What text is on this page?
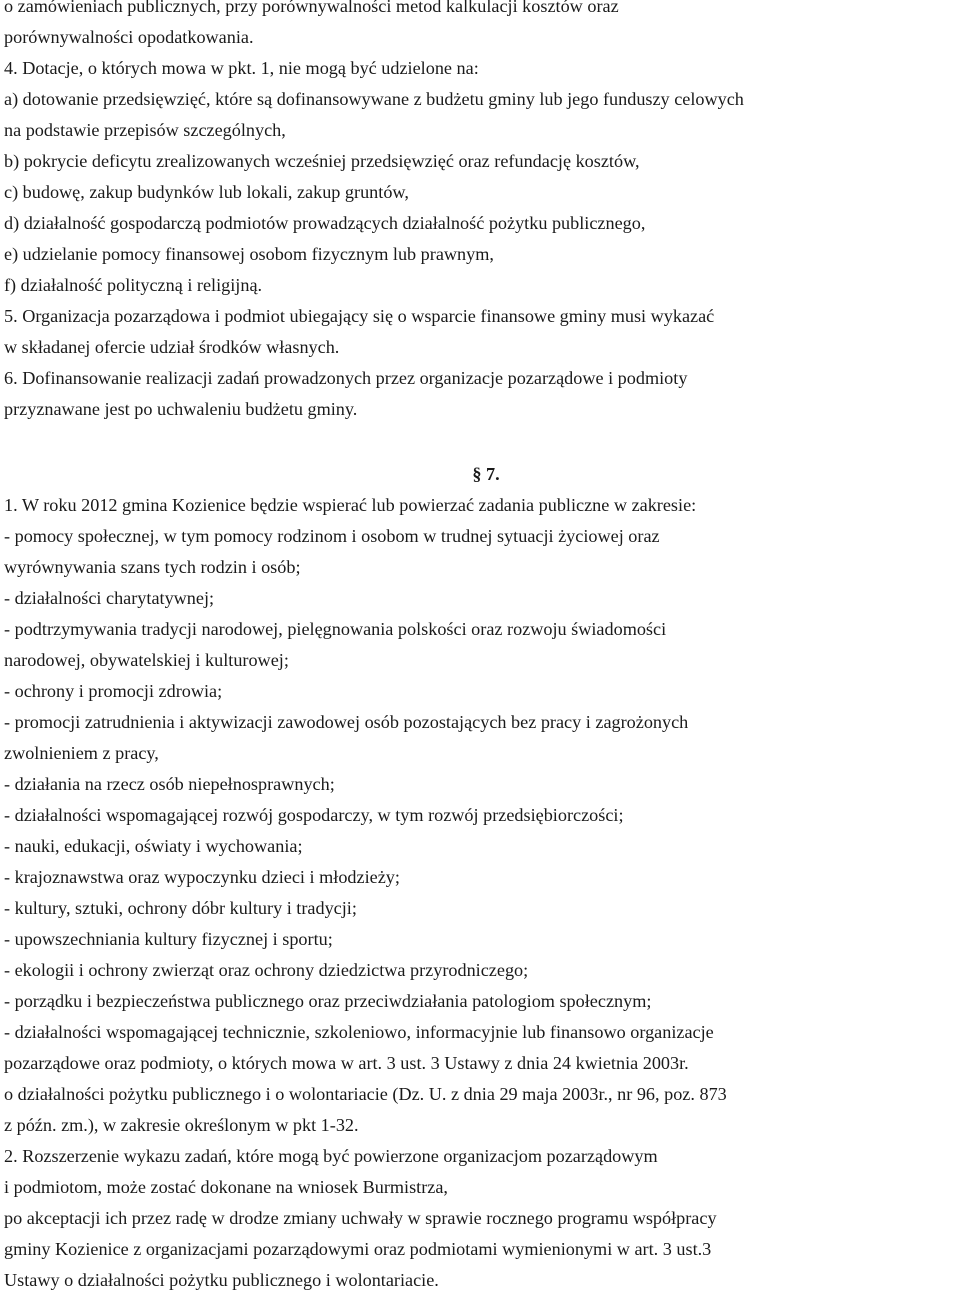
o zamówieniach publicznych, przy porównywalności metod kalkulacji kosztów oraz
porównywalności opodatkowania.
4. Dotacje, o których mowa w pkt. 1, nie mogą być udzielone na:
a) dotowanie przedsięwzięć, które są dofinansowywane z budżetu gminy lub jego funduszy celowych
na podstawie przepisów szczególnych,
b) pokrycie deficytu zrealizowanych wcześniej przedsięwzięć oraz refundację kosztów,
c) budowę, zakup budynków lub lokali, zakup gruntów,
d) działalność gospodarczą podmiotów prowadzących działalność pożytku publicznego,
e) udzielanie pomocy finansowej osobom fizycznym lub prawnym,
f) działalność polityczną i religijną.
5. Organizacja pozarządowa i podmiot ubiegający się o wsparcie finansowe gminy musi wykazać
w składanej ofercie udział środków własnych.
6. Dofinansowanie realizacji zadań prowadzonych przez organizacje pozarządowe i podmioty
przyznawane jest po uchwaleniu budżetu gminy.
§ 7.
1. W roku 2012 gmina Kozienice będzie wspierać lub powierzać zadania publiczne w zakresie:
- pomocy społecznej, w tym pomocy rodzinom i osobom w trudnej sytuacji życiowej oraz
wyrównywania szans tych rodzin i osób;
- działalności charytatywnej;
- podtrzymywania tradycji narodowej, pielęgnowania polskości oraz rozwoju świadomości
narodowej, obywatelskiej i kulturowej;
- ochrony i promocji zdrowia;
- promocji zatrudnienia i aktywizacji zawodowej osób pozostających bez pracy i zagrożonych
zwolnieniem z pracy,
- działania na rzecz osób niepełnosprawnych;
- działalności wspomagającej rozwój gospodarczy, w tym rozwój przedsiębiorczości;
- nauki, edukacji, oświaty i wychowania;
- krajoznawstwa oraz wypoczynku dzieci i młodzieży;
- kultury, sztuki, ochrony dóbr kultury i tradycji;
- upowszechniania kultury fizycznej i sportu;
- ekologii i ochrony zwierząt oraz ochrony dziedzictwa przyrodniczego;
- porządku i bezpieczeństwa publicznego oraz przeciwdziałania patologiom społecznym;
- działalności wspomagającej technicznie, szkoleniowo, informacyjnie lub finansowo organizacje
pozarządowe oraz podmioty, o których mowa w art. 3 ust. 3 Ustawy z dnia 24 kwietnia 2003r.
o działalności pożytku publicznego i o wolontariacie (Dz. U. z dnia 29 maja 2003r., nr 96, poz. 873
z późn. zm.), w zakresie określonym w pkt 1-32.
2. Rozszerzenie wykazu zadań, które mogą być powierzone organizacjom pozarządowym
i podmiotom, może zostać dokonane na wniosek Burmistrza,
po akceptacji ich przez radę w drodze zmiany uchwały w sprawie rocznego programu współpracy
gminy Kozienice z organizacjami pozarządowymi oraz podmiotami wymienionymi w art. 3 ust.3
Ustawy o działalności pożytku publicznego i wolontariacie.
